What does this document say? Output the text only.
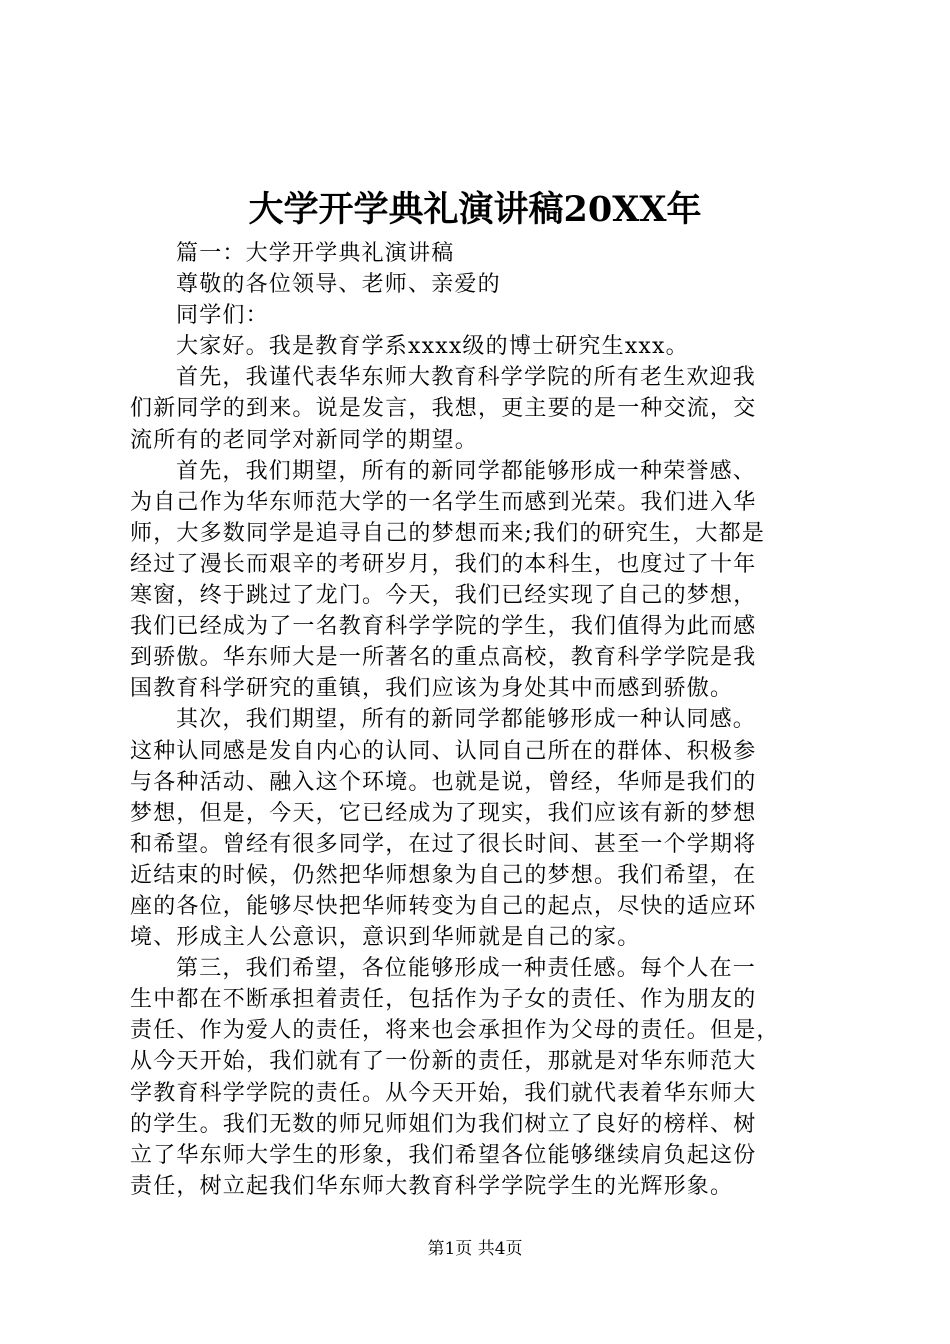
大学开学典礼演讲稿20XX年
篇一：大学开学典礼演讲稿
尊敬的各位领导、老师、亲爱的
同学们：
大家好。我是教育学系xxxx级的博士研究生xxx。
首先，我谨代表华东师大教育科学学院的所有老生欢迎我
们新同学的到来。说是发言，我想，更主要的是一种交流，交
流所有的老同学对新同学的期望。
首先，我们期望，所有的新同学都能够形成一种荣誉感、
为自己作为华东师范大学的一名学生而感到光荣。我们进入华
师，大多数同学是追寻自己的梦想而来;我们的研究生，大都是
经过了漫长而艰辛的考研岁月，我们的本科生，也度过了十年
寒窗，终于跳过了龙门。今天，我们已经实现了自己的梦想，
我们已经成为了一名教育科学学院的学生，我们值得为此而感
到骄傲。华东师大是一所著名的重点高校，教育科学学院是我
国教育科学研究的重镇，我们应该为身处其中而感到骄傲。
其次，我们期望，所有的新同学都能够形成一种认同感。
这种认同感是发自内心的认同、认同自己所在的群体、积极参
与各种活动、融入这个环境。也就是说，曾经，华师是我们的
梦想，但是，今天，它已经成为了现实，我们应该有新的梦想
和希望。曾经有很多同学，在过了很长时间、甚至一个学期将
近结束的时候，仍然把华师想象为自己的梦想。我们希望，在
座的各位，能够尽快把华师转变为自己的起点，尽快的适应环
境、形成主人公意识，意识到华师就是自己的家。
第三，我们希望，各位能够形成一种责任感。每个人在一
生中都在不断承担着责任，包括作为子女的责任、作为朋友的
责任、作为爱人的责任，将来也会承担作为父母的责任。但是，
从今天开始，我们就有了一份新的责任，那就是对华东师范大
学教育科学学院的责任。从今天开始，我们就代表着华东师大
的学生。我们无数的师兄师姐们为我们树立了良好的榜样、树
立了华东师大学生的形象，我们希望各位能够继续肩负起这份
责任，树立起我们华东师大教育科学学院学生的光辉形象。
第1页 共4页
